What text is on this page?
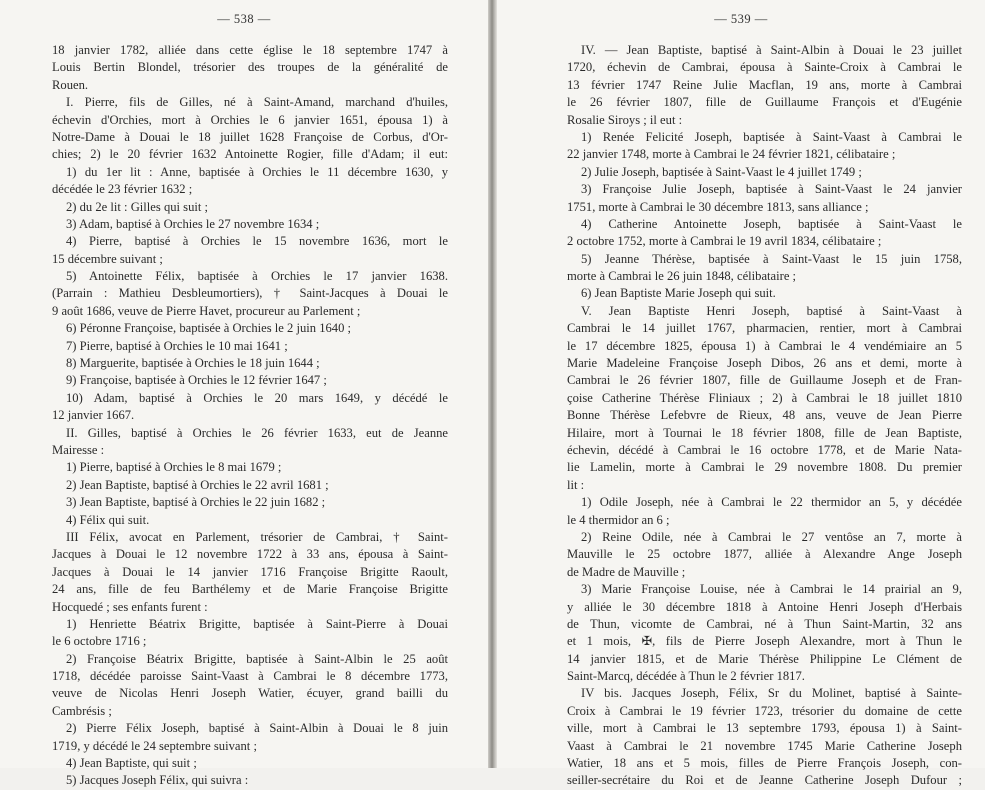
— 538 —
18 janvier 1782, alliée dans cette église le 18 septembre 1747 à
Louis Bertin Blondel, trésorier des troupes de la généralité de
Rouen.
I. Pierre, fils de Gilles, né à Saint-Amand, marchand d'huiles,
échevin d'Orchies, mort à Orchies le 6 janvier 1651, épousa 1) à
Notre-Dame à Douai le 18 juillet 1628 Françoise de Corbus, d'Or-
chies; 2) le 20 février 1632 Antoinette Rogier, fille d'Adam; il eut:
1) du 1er lit : Anne, baptisée à Orchies le 11 décembre 1630, y
décédée le 23 février 1632 ;
2) du 2e lit : Gilles qui suit ;
3) Adam, baptisé à Orchies le 27 novembre 1634 ;
4) Pierre, baptisé à Orchies le 15 novembre 1636, mort le
15 décembre suivant ;
5) Antoinette Félix, baptisée à Orchies le 17 janvier 1638.
(Parrain : Mathieu Desbleumortiers), † Saint-Jacques à Douai le
9 août 1686, veuve de Pierre Havet, procureur au Parlement ;
6) Péronne Françoise, baptisée à Orchies le 2 juin 1640 ;
7) Pierre, baptisé à Orchies le 10 mai 1641 ;
8) Marguerite, baptisée à Orchies le 18 juin 1644 ;
9) Françoise, baptisée à Orchies le 12 février 1647 ;
10) Adam, baptisé à Orchies le 20 mars 1649, y décédé le
12 janvier 1667.
II. Gilles, baptisé à Orchies le 26 février 1633, eut de Jeanne
Mairesse :
1) Pierre, baptisé à Orchies le 8 mai 1679 ;
2) Jean Baptiste, baptisé à Orchies le 22 avril 1681 ;
3) Jean Baptiste, baptisé à Orchies le 22 juin 1682 ;
4) Félix qui suit.
III Félix, avocat en Parlement, trésorier de Cambrai, † Saint-
Jacques à Douai le 12 novembre 1722 à 33 ans, épousa à Saint-
Jacques à Douai le 14 janvier 1716 Françoise Brigitte Raoult,
24 ans, fille de feu Barthélemy et de Marie Françoise Brigitte
Hocquedé ; ses enfants furent :
1) Henriette Béatrix Brigitte, baptisée à Saint-Pierre à Douai
le 6 octobre 1716 ;
2) Françoise Béatrix Brigitte, baptisée à Saint-Albin le 25 août
1718, décédée paroisse Saint-Vaast à Cambrai le 8 décembre 1773,
veuve de Nicolas Henri Joseph Watier, écuyer, grand bailli du
Cambrésis ;
2) Pierre Félix Joseph, baptisé à Saint-Albin à Douai le 8 juin
1719, y décédé le 24 septembre suivant ;
4) Jean Baptiste, qui suit ;
5) Jacques Joseph Félix, qui suivra :
— 539 —
IV. — Jean Baptiste, baptisé à Saint-Albin à Douai le 23 juillet
1720, échevin de Cambrai, épousa à Sainte-Croix à Cambrai le
13 février 1747 Reine Julie Macflan, 19 ans, morte à Cambrai
le 26 février 1807, fille de Guillaume François et d'Eugénie
Rosalie Siroys ; il eut :
1) Renée Felicité Joseph, baptisée à Saint-Vaast à Cambrai le
22 janvier 1748, morte à Cambrai le 24 février 1821, célibataire ;
2) Julie Joseph, baptisée à Saint-Vaast le 4 juillet 1749 ;
3) Françoise Julie Joseph, baptisée à Saint-Vaast le 24 janvier
1751, morte à Cambrai le 30 décembre 1813, sans alliance ;
4) Catherine Antoinette Joseph, baptisée à Saint-Vaast le
2 octobre 1752, morte à Cambrai le 19 avril 1834, célibataire ;
5) Jeanne Thérèse, baptisée à Saint-Vaast le 15 juin 1758,
morte à Cambrai le 26 juin 1848, célibataire ;
6) Jean Baptiste Marie Joseph qui suit.
V. Jean Baptiste Henri Joseph, baptisé à Saint-Vaast à
Cambrai le 14 juillet 1767, pharmacien, rentier, mort à Cambrai
le 17 décembre 1825, épousa 1) à Cambrai le 4 vendémiaire an 5
Marie Madeleine Françoise Joseph Dibos, 26 ans et demi, morte à
Cambrai le 26 février 1807, fille de Guillaume Joseph et de Fran-
çoise Catherine Thérèse Fliniaux ; 2) à Cambrai le 18 juillet 1810
Bonne Thérèse Lefebvre de Rieux, 48 ans, veuve de Jean Pierre
Hilaire, mort à Tournai le 18 février 1808, fille de Jean Baptiste,
échevin, décédé à Cambrai le 16 octobre 1778, et de Marie Nata-
lie Lamelin, morte à Cambrai le 29 novembre 1808. Du premier
lit :
1) Odile Joseph, née à Cambrai le 22 thermidor an 5, y décédée
le 4 thermidor an 6 ;
2) Reine Odile, née à Cambrai le 27 ventôse an 7, morte à
Mauville le 25 octobre 1877, alliée à Alexandre Ange Joseph
de Madre de Mauville ;
3) Marie Françoise Louise, née à Cambrai le 14 prairial an 9,
y alliée le 30 décembre 1818 à Antoine Henri Joseph d'Herbais
de Thun, vicomte de Cambrai, né à Thun Saint-Martin, 32 ans
et 1 mois, ✠, fils de Pierre Joseph Alexandre, mort à Thun le
14 janvier 1815, et de Marie Thérèse Philippine Le Clément de
Saint-Marcq, décédée à Thun le 2 février 1817.
IV bis. Jacques Joseph, Félix, Sr du Molinet, baptisé à Sainte-
Croix à Cambrai le 19 février 1723, trésorier du domaine de cette
ville, mort à Cambrai le 13 septembre 1793, épousa 1) à Saint-
Vaast à Cambrai le 21 novembre 1745 Marie Catherine Joseph
Watier, 18 ans et 5 mois, filles de Pierre François Joseph, con-
seiller-secrétaire du Roi et de Jeanne Catherine Joseph Dufour ;
